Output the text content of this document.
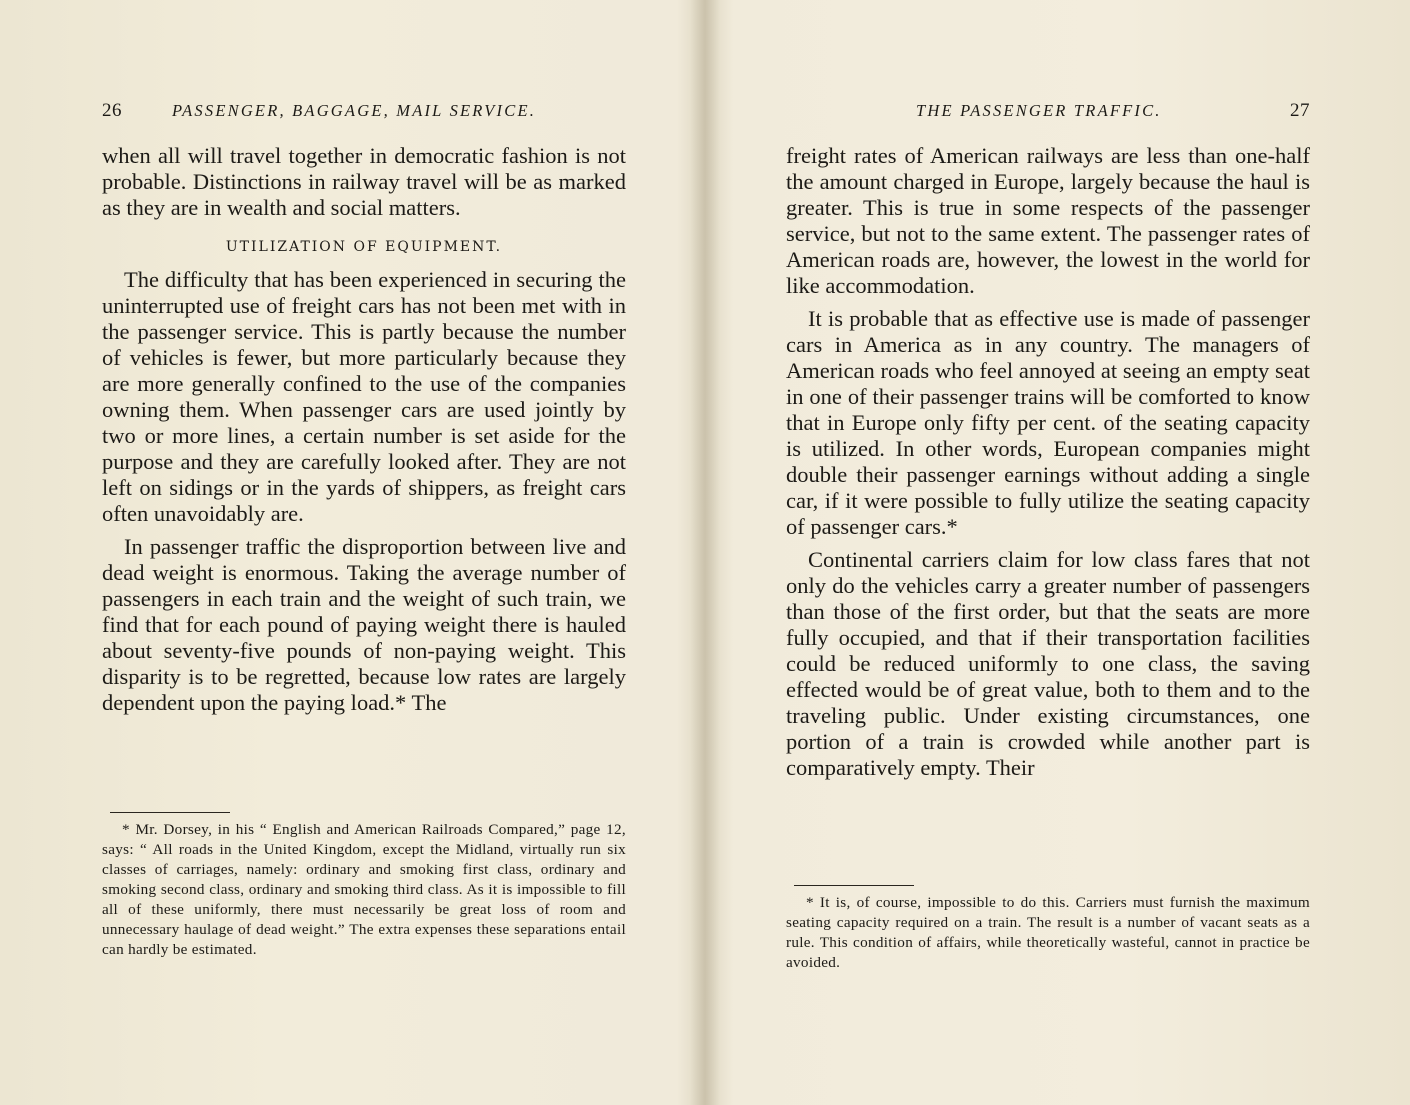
26	PASSENGER, BAGGAGE, MAIL SERVICE.

when all will travel together in democratic fashion is not probable. Distinctions in railway travel will be as marked as they are in wealth and social matters.

UTILIZATION OF EQUIPMENT.

The difficulty that has been experienced in securing the uninterrupted use of freight cars has not been met with in the passenger service. This is partly because the number of vehicles is fewer, but more particularly because they are more generally confined to the use of the companies owning them. When passenger cars are used jointly by two or more lines, a certain number is set aside for the purpose and they are carefully looked after. They are not left on sidings or in the yards of shippers, as freight cars often unavoidably are.

In passenger traffic the disproportion between live and dead weight is enormous. Taking the average number of passengers in each train and the weight of such train, we find that for each pound of paying weight there is hauled about seventy-five pounds of non-paying weight. This disparity is to be regretted, because low rates are largely dependent upon the paying load.* The

* Mr. Dorsey, in his “ English and American Railroads Compared,” page 12, says: “ All roads in the United Kingdom, except the Midland, virtually run six classes of carriages, namely: ordinary and smoking first class, ordinary and smoking second class, ordinary and smoking third class. As it is impossible to fill all of these uniformly, there must necessarily be great loss of room and unnecessary haulage of dead weight.” The extra expenses these separations entail can hardly be estimated.

THE PASSENGER TRAFFIC.	27

freight rates of American railways are less than one-half the amount charged in Europe, largely because the haul is greater. This is true in some respects of the passenger service, but not to the same extent. The passenger rates of American roads are, however, the lowest in the world for like accommodation.

It is probable that as effective use is made of passenger cars in America as in any country. The managers of American roads who feel annoyed at seeing an empty seat in one of their passenger trains will be comforted to know that in Europe only fifty per cent. of the seating capacity is utilized. In other words, European companies might double their passenger earnings without adding a single car, if it were possible to fully utilize the seating capacity of passenger cars.*

Continental carriers claim for low class fares that not only do the vehicles carry a greater number of passengers than those of the first order, but that the seats are more fully occupied, and that if their transportation facilities could be reduced uniformly to one class, the saving effected would be of great value, both to them and to the traveling public. Under existing circumstances, one portion of a train is crowded while another part is comparatively empty. Their

* It is, of course, impossible to do this. Carriers must furnish the maximum seating capacity required on a train. The result is a number of vacant seats as a rule. This condition of affairs, while theoretically wasteful, cannot in practice be avoided.
